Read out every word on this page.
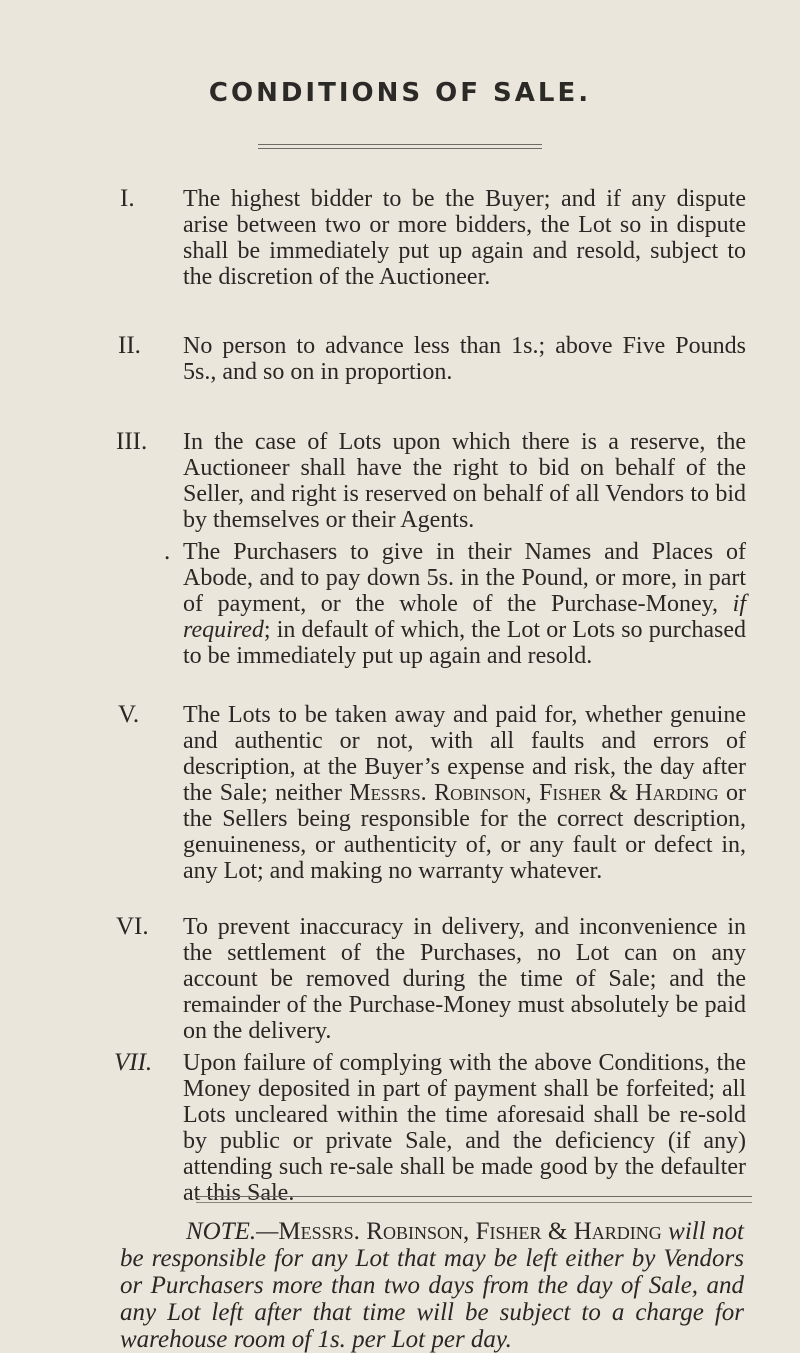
CONDITIONS OF SALE.
I. The highest bidder to be the Buyer; and if any dispute arise between two or more bidders, the Lot so in dispute shall be immediately put up again and resold, subject to the discretion of the Auctioneer.
II. No person to advance less than 1s.; above Five Pounds 5s., and so on in proportion.
III. In the case of Lots upon which there is a reserve, the Auctioneer shall have the right to bid on behalf of the Seller, and right is reserved on behalf of all Vendors to bid by themselves or their Agents.
. The Purchasers to give in their Names and Places of Abode, and to pay down 5s. in the Pound, or more, in part of payment, or the whole of the Purchase-Money, if required; in default of which, the Lot or Lots so purchased to be immediately put up again and resold.
V. The Lots to be taken away and paid for, whether genuine and authentic or not, with all faults and errors of description, at the Buyer’s expense and risk, the day after the Sale; neither Messrs. Robinson, Fisher & Harding or the Sellers being responsible for the correct description, genuineness, or authenticity of, or any fault or defect in, any Lot; and making no warranty whatever.
VI. To prevent inaccuracy in delivery, and inconvenience in the settlement of the Purchases, no Lot can on any account be removed during the time of Sale; and the remainder of the Purchase-Money must absolutely be paid on the delivery.
VII. Upon failure of complying with the above Conditions, the Money deposited in part of payment shall be forfeited; all Lots uncleared within the time aforesaid shall be re-sold by public or private Sale, and the deficiency (if any) attending such re-sale shall be made good by the defaulter at this Sale.
NOTE.—Messrs. Robinson, Fisher & Harding will not be responsible for any Lot that may be left either by Vendors or Purchasers more than two days from the day of Sale, and any Lot left after that time will be subject to a charge for warehouse room of 1s. per Lot per day.
